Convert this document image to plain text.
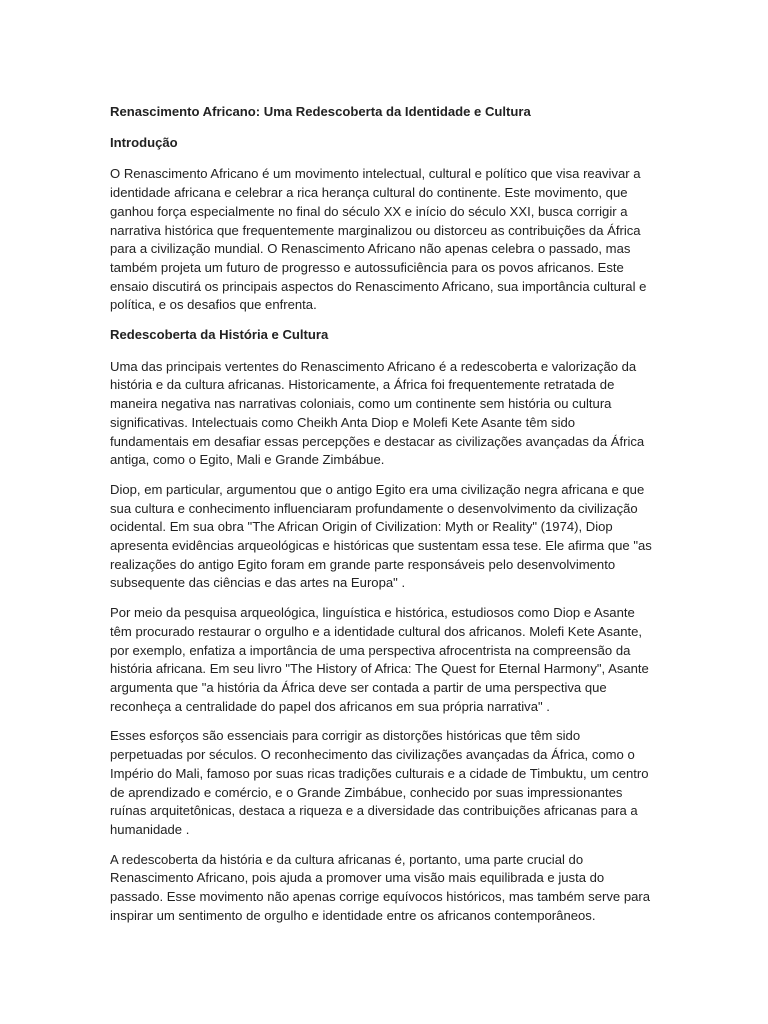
Renascimento Africano: Uma Redescoberta da Identidade e Cultura
Introdução

O Renascimento Africano é um movimento intelectual, cultural e político que visa reavivar a identidade africana e celebrar a rica herança cultural do continente. Este movimento, que ganhou força especialmente no final do século XX e início do século XXI, busca corrigir a narrativa histórica que frequentemente marginalizou ou distorceu as contribuições da África para a civilização mundial. O Renascimento Africano não apenas celebra o passado, mas também projeta um futuro de progresso e autossuficiência para os povos africanos. Este ensaio discutirá os principais aspectos do Renascimento Africano, sua importância cultural e política, e os desafios que enfrenta.

Redescoberta da História e Cultura

Uma das principais vertentes do Renascimento Africano é a redescoberta e valorização da história e da cultura africanas. Historicamente, a África foi frequentemente retratada de maneira negativa nas narrativas coloniais, como um continente sem história ou cultura significativas. Intelectuais como Cheikh Anta Diop e Molefi Kete Asante têm sido fundamentais em desafiar essas percepções e destacar as civilizações avançadas da África antiga, como o Egito, Mali e Grande Zimbábue.

Diop, em particular, argumentou que o antigo Egito era uma civilização negra africana e que sua cultura e conhecimento influenciaram profundamente o desenvolvimento da civilização ocidental. Em sua obra "The African Origin of Civilization: Myth or Reality" (1974), Diop apresenta evidências arqueológicas e históricas que sustentam essa tese. Ele afirma que "as realizações do antigo Egito foram em grande parte responsáveis pelo desenvolvimento subsequente das ciências e das artes na Europa" .

Por meio da pesquisa arqueológica, linguística e histórica, estudiosos como Diop e Asante têm procurado restaurar o orgulho e a identidade cultural dos africanos. Molefi Kete Asante, por exemplo, enfatiza a importância de uma perspectiva afrocentrista na compreensão da história africana. Em seu livro "The History of Africa: The Quest for Eternal Harmony", Asante argumenta que "a história da África deve ser contada a partir de uma perspectiva que reconheça a centralidade do papel dos africanos em sua própria narrativa" .

Esses esforços são essenciais para corrigir as distorções históricas que têm sido perpetuadas por séculos. O reconhecimento das civilizações avançadas da África, como o Império do Mali, famoso por suas ricas tradições culturais e a cidade de Timbuktu, um centro de aprendizado e comércio, e o Grande Zimbábue, conhecido por suas impressionantes ruínas arquitetônicas, destaca a riqueza e a diversidade das contribuições africanas para a humanidade .

A redescoberta da história e da cultura africanas é, portanto, uma parte crucial do Renascimento Africano, pois ajuda a promover uma visão mais equilibrada e justa do passado. Esse movimento não apenas corrige equívocos históricos, mas também serve para inspirar um sentimento de orgulho e identidade entre os africanos contemporâneos.
